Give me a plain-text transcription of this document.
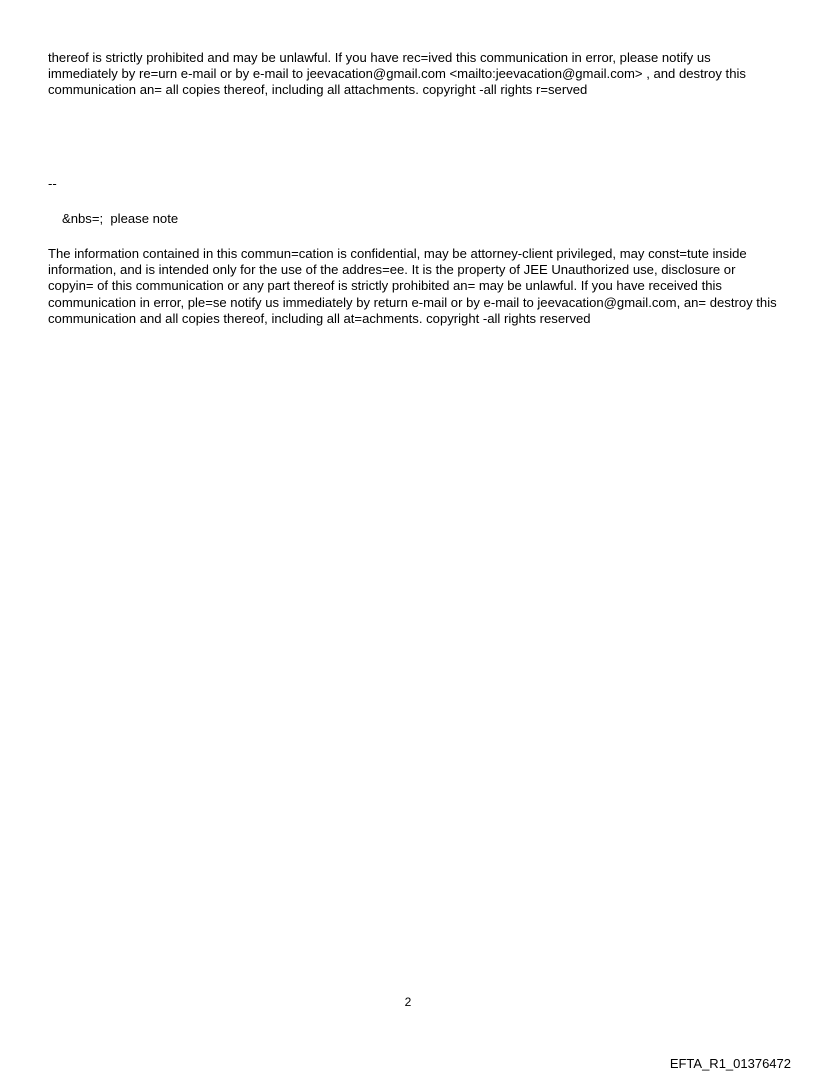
thereof is strictly prohibited and may be unlawful. If you have rec=ived this communication in error, please notify us immediately by re=urn e-mail or by e-mail to jeevacation@gmail.com <mailto:jeevacation@gmail.com> , and destroy this communication an= all copies thereof, including all attachments. copyright -all rights r=served

--

&nbs=;  please note

The information contained in this commun=cation is confidential, may be attorney-client privileged, may const=tute inside information, and is intended only for the use of the addres=ee. It is the property of JEE Unauthorized use, disclosure or copyin= of this communication or any part thereof is strictly prohibited an= may be unlawful. If you have received this communication in error, ple=se notify us immediately by return e-mail or by e-mail to jeevacation@gmail.com, an= destroy this communication and all copies thereof, including all at=achments. copyright -all rights reserved

2
EFTA_R1_01376472
